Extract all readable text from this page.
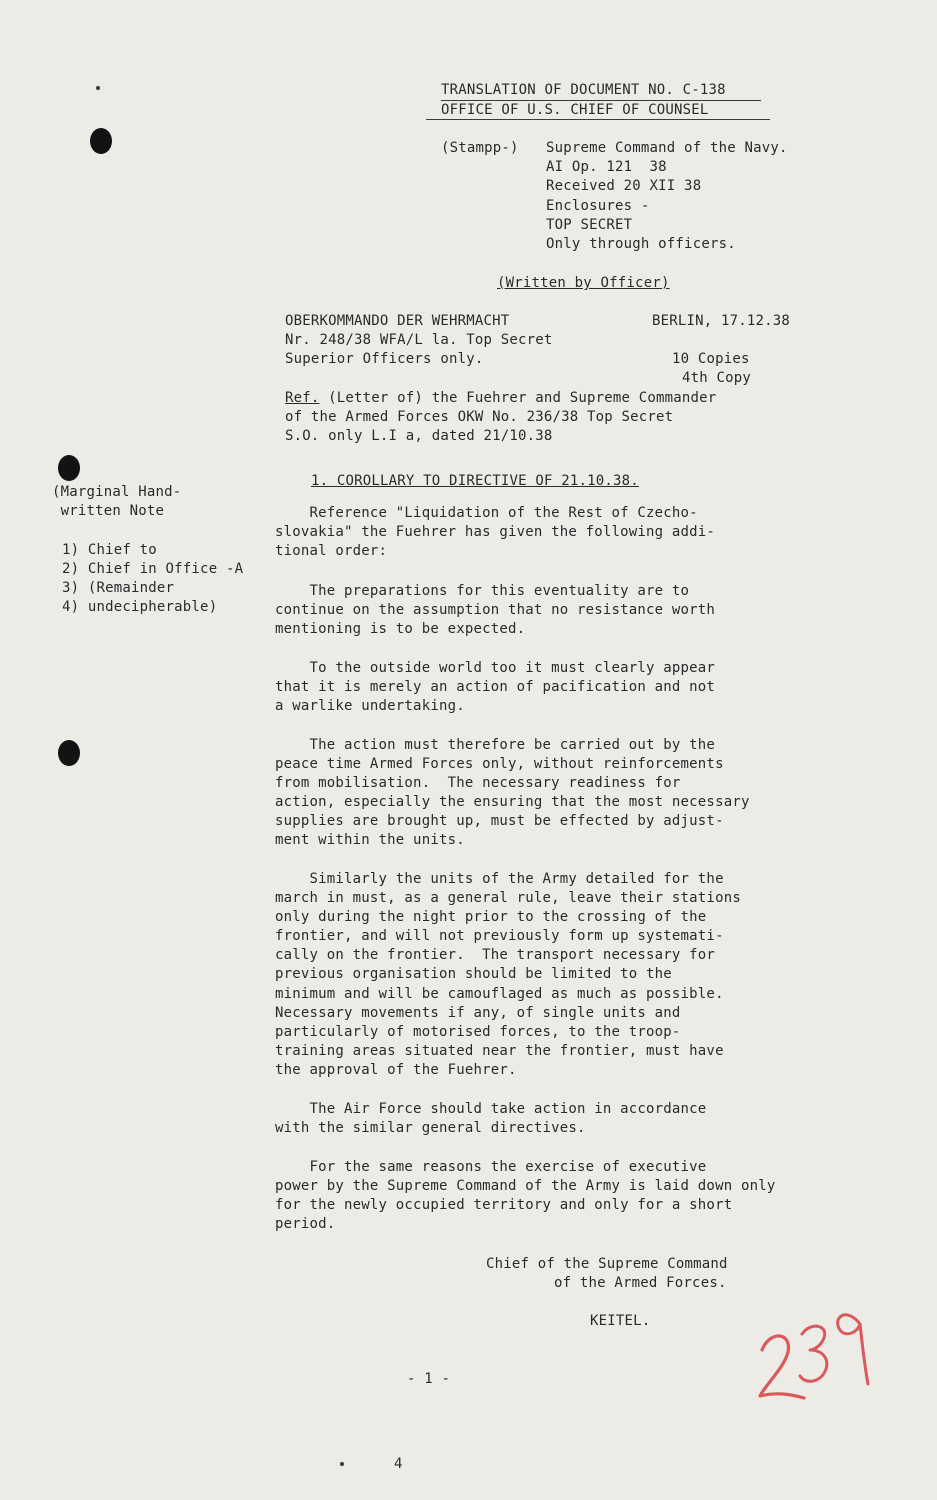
TRANSLATION OF DOCUMENT NO. C-138
OFFICE OF U.S. CHIEF OF COUNSEL
(Stampp-) Supreme Command of the Navy.
AI Op. 121  38
Received 20 XII 38
Enclosures -
TOP SECRET
Only through officers.
(Written by Officer)
OBERKOMMANDO DER WEHRMACHT	BERLIN, 17.12.38
Nr. 248/38 WFA/L la. Top Secret
Superior Officers only.	10 Copies
4th Copy
Ref. (Letter of) the Fuehrer and Supreme Commander
of the Armed Forces OKW No. 236/38 Top Secret
S.O. only L.I a, dated 21/10.38
(Marginal Hand-
written Note
1) Chief to
2) Chief in Office -A
3) (Remainder
4) undecipherable)
1. COROLLARY TO DIRECTIVE OF 21.10.38.
Reference "Liquidation of the Rest of Czecho-
slovakia" the Fuehrer has given the following addi-
tional order:
The preparations for this eventuality are to
continue on the assumption that no resistance worth
mentioning is to be expected.
To the outside world too it must clearly appear
that it is merely an action of pacification and not
a warlike undertaking.
The action must therefore be carried out by the
peace time Armed Forces only, without reinforcements
from mobilisation.  The necessary readiness for
action, especially the ensuring that the most necessary
supplies are brought up, must be effected by adjust-
ment within the units.
Similarly the units of the Army detailed for the
march in must, as a general rule, leave their stations
only during the night prior to the crossing of the
frontier, and will not previously form up systemati-
cally on the frontier.  The transport necessary for
previous organisation should be limited to the
minimum and will be camouflaged as much as possible.
Necessary movements if any, of single units and
particularly of motorised forces, to the troop-
training areas situated near the frontier, must have
the approval of the Fuehrer.
The Air Force should take action in accordance
with the similar general directives.
For the same reasons the exercise of executive
power by the Supreme Command of the Army is laid down only
for the newly occupied territory and only for a short
period.
Chief of the Supreme Command
of the Armed Forces.
KEITEL.
- 1 -
4
